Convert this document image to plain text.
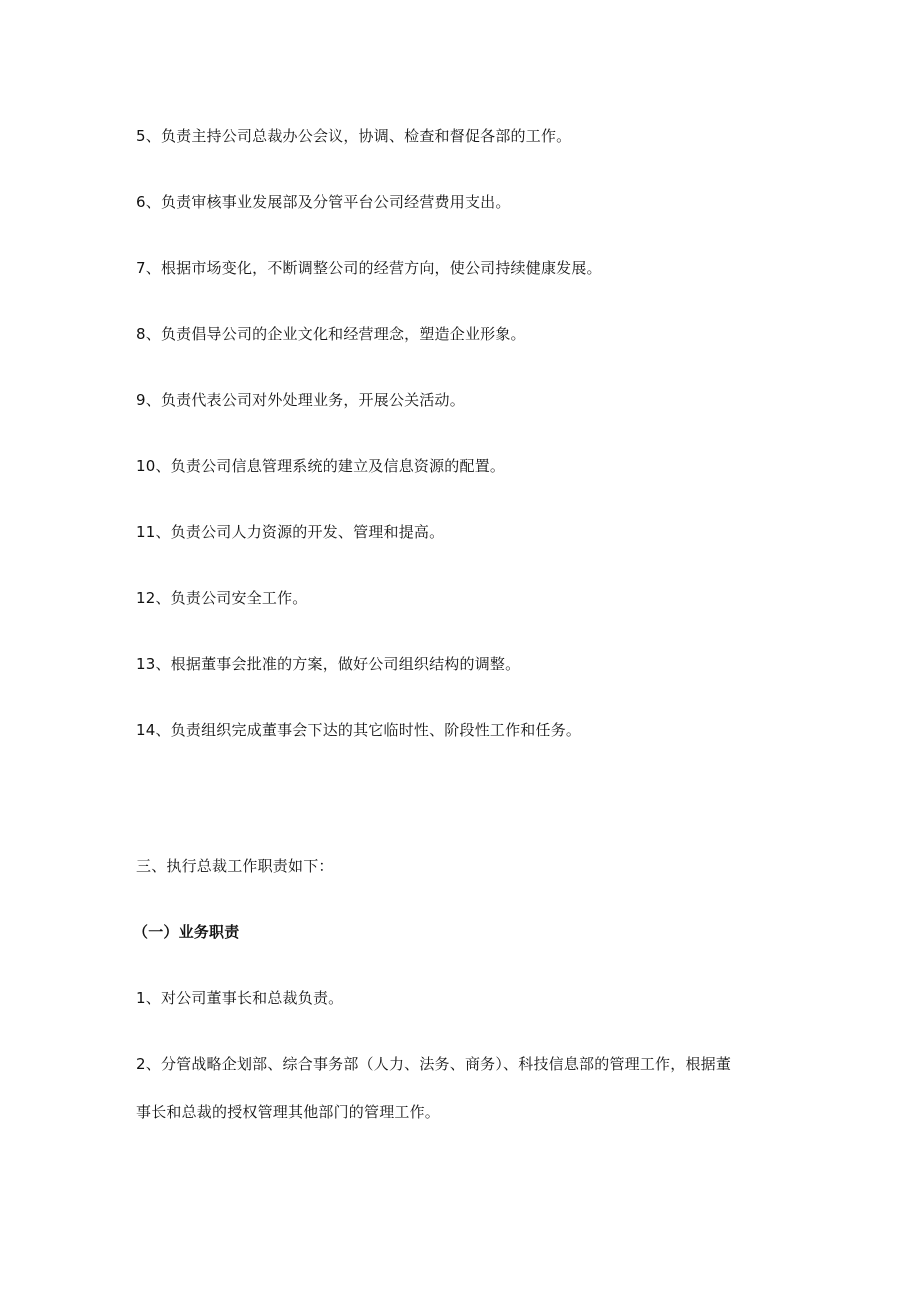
5、负责主持公司总裁办公会议，协调、检查和督促各部的工作。
6、负责审核事业发展部及分管平台公司经营费用支出。
7、根据市场变化，不断调整公司的经营方向，使公司持续健康发展。
8、负责倡导公司的企业文化和经营理念，塑造企业形象。
9、负责代表公司对外处理业务，开展公关活动。
10、负责公司信息管理系统的建立及信息资源的配置。
11、负责公司人力资源的开发、管理和提高。
12、负责公司安全工作。
13、根据董事会批准的方案，做好公司组织结构的调整。
14、负责组织完成董事会下达的其它临时性、阶段性工作和任务。
三、执行总裁工作职责如下：
（一）业务职责
1、对公司董事长和总裁负责。
2、分管战略企划部、综合事务部（人力、法务、商务）、科技信息部的管理工作，根据董
事长和总裁的授权管理其他部门的管理工作。
